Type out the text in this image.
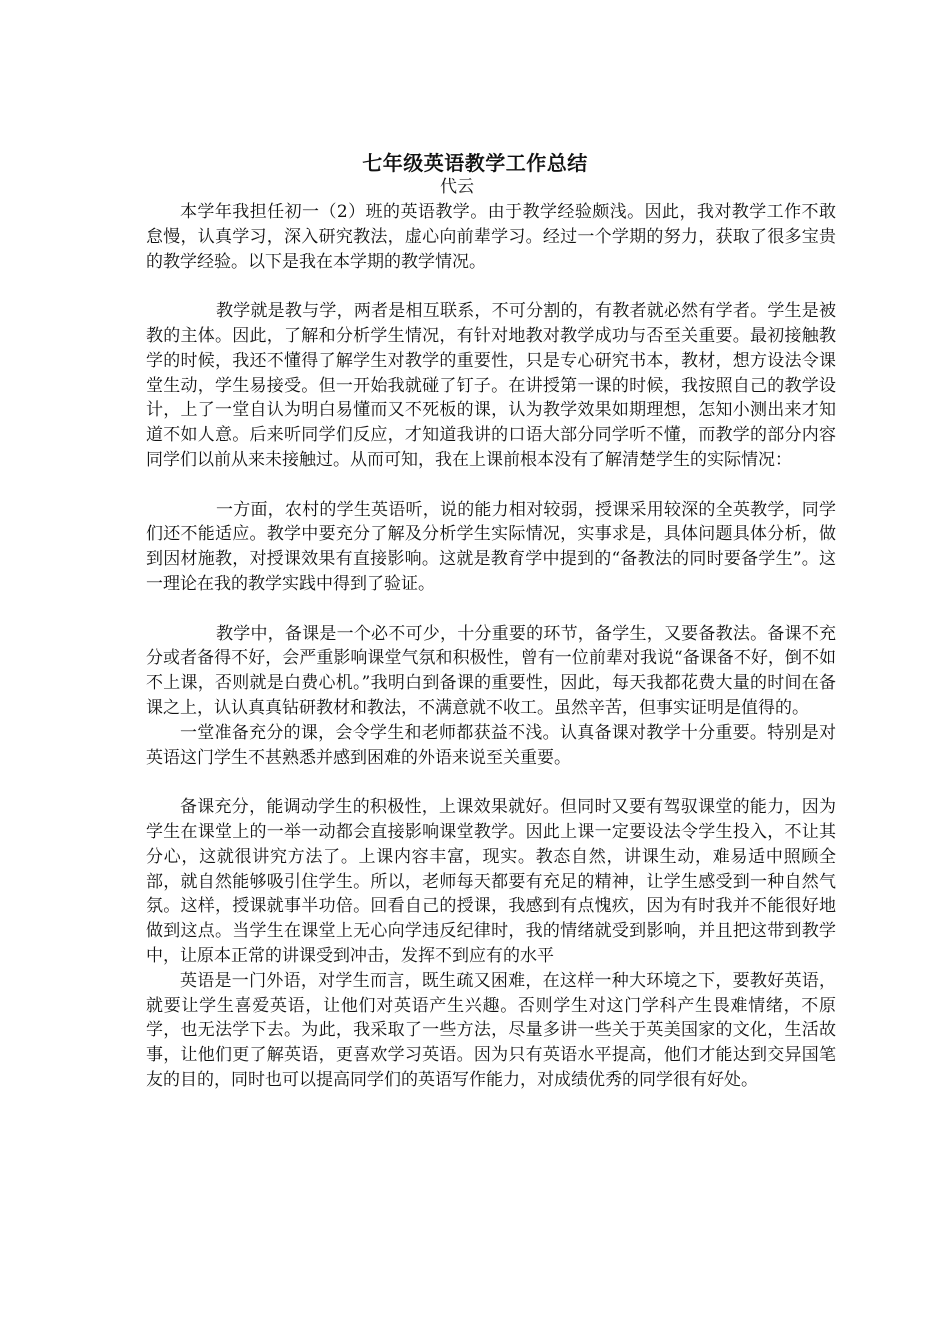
七年级英语教学工作总结
代云

本学年我担任初一（2）班的英语教学。由于教学经验颇浅。因此，我对教学工作不敢怠慢，认真学习，深入研究教法，虚心向前辈学习。经过一个学期的努力，获取了很多宝贵的教学经验。以下是我在本学期的教学情况。

教学就是教与学，两者是相互联系，不可分割的，有教者就必然有学者。学生是被教的主体。因此，了解和分析学生情况，有针对地教对教学成功与否至关重要。最初接触教学的时候，我还不懂得了解学生对教学的重要性，只是专心研究书本，教材，想方设法令课堂生动，学生易接受。但一开始我就碰了钉子。在讲授第一课的时候，我按照自己的教学设计，上了一堂自认为明白易懂而又不死板的课，认为教学效果如期理想，怎知小测出来才知道不如人意。后来听同学们反应，才知道我讲的口语大部分同学听不懂，而教学的部分内容同学们以前从来未接触过。从而可知，我在上课前根本没有了解清楚学生的实际情况：

一方面，农村的学生英语听，说的能力相对较弱，授课采用较深的全英教学，同学们还不能适应。教学中要充分了解及分析学生实际情况，实事求是，具体问题具体分析，做到因材施教，对授课效果有直接影响。这就是教育学中提到的“备教法的同时要备学生”。这一理论在我的教学实践中得到了验证。

教学中，备课是一个必不可少，十分重要的环节，备学生，又要备教法。备课不充分或者备得不好，会严重影响课堂气氛和积极性，曾有一位前辈对我说“备课备不好，倒不如不上课，否则就是白费心机。”我明白到备课的重要性，因此，每天我都花费大量的时间在备课之上，认认真真钻研教材和教法，不满意就不收工。虽然辛苦，但事实证明是值得的。

一堂准备充分的课，会令学生和老师都获益不浅。认真备课对教学十分重要。特别是对英语这门学生不甚熟悉并感到困难的外语来说至关重要。

备课充分，能调动学生的积极性，上课效果就好。但同时又要有驾驭课堂的能力，因为学生在课堂上的一举一动都会直接影响课堂教学。因此上课一定要设法令学生投入，不让其分心，这就很讲究方法了。上课内容丰富，现实。教态自然，讲课生动，难易适中照顾全部，就自然能够吸引住学生。所以，老师每天都要有充足的精神，让学生感受到一种自然气氛。这样，授课就事半功倍。回看自己的授课，我感到有点愧疚，因为有时我并不能很好地做到这点。当学生在课堂上无心向学违反纪律时，我的情绪就受到影响，并且把这带到教学中，让原本正常的讲课受到冲击，发挥不到应有的水平

英语是一门外语，对学生而言，既生疏又困难，在这样一种大环境之下，要教好英语，就要让学生喜爱英语，让他们对英语产生兴趣。否则学生对这门学科产生畏难情绪，不原学，也无法学下去。为此，我采取了一些方法，尽量多讲一些关于英美国家的文化，生活故事，让他们更了解英语，更喜欢学习英语。因为只有英语水平提高，他们才能达到交异国笔友的目的，同时也可以提高同学们的英语写作能力，对成绩优秀的同学很有好处。
